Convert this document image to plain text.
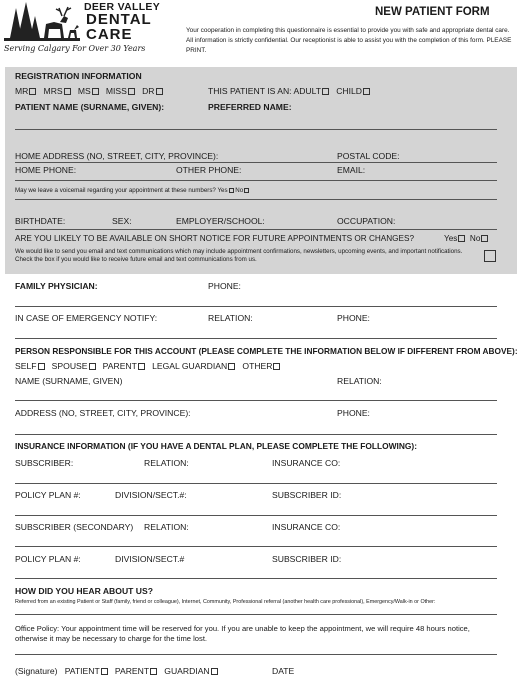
DEER VALLEY
DENTAL
CARE
Serving Calgary For Over 30 Years
NEW PATIENT FORM
Your cooperation in completing this questionnaire is essential to provide you with safe and appropriate dental care. All information is strictly confidential. Our receptionist is able to assist you with the completion of this form. PLEASE PRINT.
REGISTRATION INFORMATION
MR MRS MS MISS DR	THIS PATIENT IS AN: ADULT CHILD
PATIENT NAME (SURNAME, GIVEN):	PREFERRED NAME:
HOME ADDRESS (NO, STREET, CITY, PROVINCE):	POSTAL CODE:
HOME PHONE:	OTHER PHONE:	EMAIL:
May we leave a voicemail regarding your appointment at these numbers? Yes No
BIRTHDATE:	SEX:	EMPLOYER/SCHOOL:	OCCUPATION:
ARE YOU LIKELY TO BE AVAILABLE ON SHORT NOTICE FOR FUTURE APPOINTMENTS OR CHANGES?	Yes No
We would like to send you email and text communications which may include appointment confirmations, newsletters, upcoming events, and important notifications. Check the box if you would like to receive future email and text communications from us.
FAMILY PHYSICIAN:	PHONE:
IN CASE OF EMERGENCY NOTIFY:	RELATION:	PHONE:
PERSON RESPONSIBLE FOR THIS ACCOUNT (PLEASE COMPLETE THE INFORMATION BELOW IF DIFFERENT FROM ABOVE):
SELF SPOUSE PARENT LEGAL GUARDIAN OTHER
NAME (SURNAME, GIVEN)	RELATION:
ADDRESS (NO, STREET, CITY, PROVINCE):	PHONE:
INSURANCE INFORMATION (IF YOU HAVE A DENTAL PLAN, PLEASE COMPLETE THE FOLLOWING):
SUBSCRIBER:	RELATION:	INSURANCE CO:
POLICY PLAN #:	DIVISION/SECT.#:	SUBSCRIBER ID:
SUBSCRIBER (SECONDARY) RELATION:	INSURANCE CO:
POLICY PLAN #:	DIVISION/SECT.#	SUBSCRIBER ID:
HOW DID YOU HEAR ABOUT US?
Referred from an existing Patient or Staff (family, friend or colleague), Internet, Community, Professional referral (another health care professional), Emergency/Walk-in or Other:
Office Policy: Your appointment time will be reserved for you. If you are unable to keep the appointment, we will require 48 hours notice, otherwise it may be necessary to charge for the time lost.
(Signature) PATIENT PARENT GUARDIAN	DATE
